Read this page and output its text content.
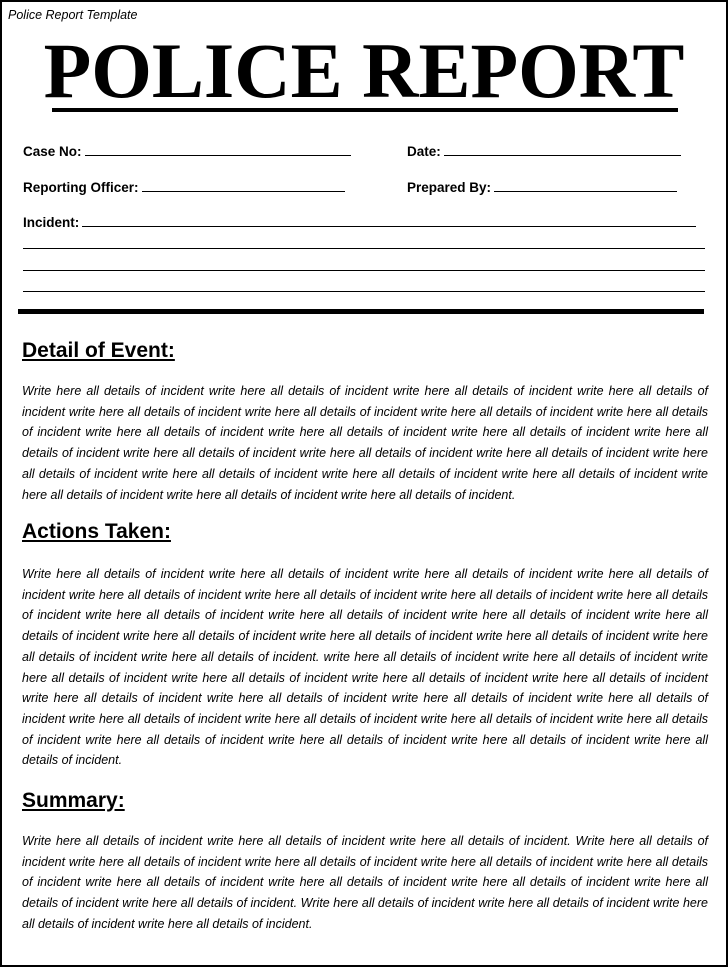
Police Report Template
POLICE REPORT
Case No:	Date:
Reporting Officer:	Prepared By:
Incident:
Detail of Event:
Write here all details of incident write here all details of incident write here all details of incident write here all details of incident write here all details of incident write here all details of incident write here all details of incident write here all details of incident write here all details of incident write here all details of incident write here all details of incident write here all details of incident write here all details of incident write here all details of incident write here all details of incident write here all details of incident write here all details of incident write here all details of incident write here all details of incident write here all details of incident write here all details of incident write here all details of incident.
Actions Taken:
Write here all details of incident write here all details of incident write here all details of incident write here all details of incident write here all details of incident write here all details of incident write here all details of incident write here all details of incident write here all details of incident write here all details of incident write here all details of incident write here all details of incident write here all details of incident write here all details of incident write here all details of incident write here all details of incident write here all details of incident. write here all details of incident write here all details of incident write here all details of incident write here all details of incident write here all details of incident write here all details of incident write here all details of incident write here all details of incident write here all details of incident write here all details of incident write here all details of incident write here all details of incident write here all details of incident write here all details of incident write here all details of incident write here all details of incident write here all details of incident write here all details of incident.
Summary:
Write here all details of incident write here all details of incident write here all details of incident. Write here all details of incident write here all details of incident write here all details of incident write here all details of incident write here all details of incident write here all details of incident write here all details of incident write here all details of incident write here all details of incident write here all details of incident. Write here all details of incident write here all details of incident write here all details of incident write here all details of incident.
